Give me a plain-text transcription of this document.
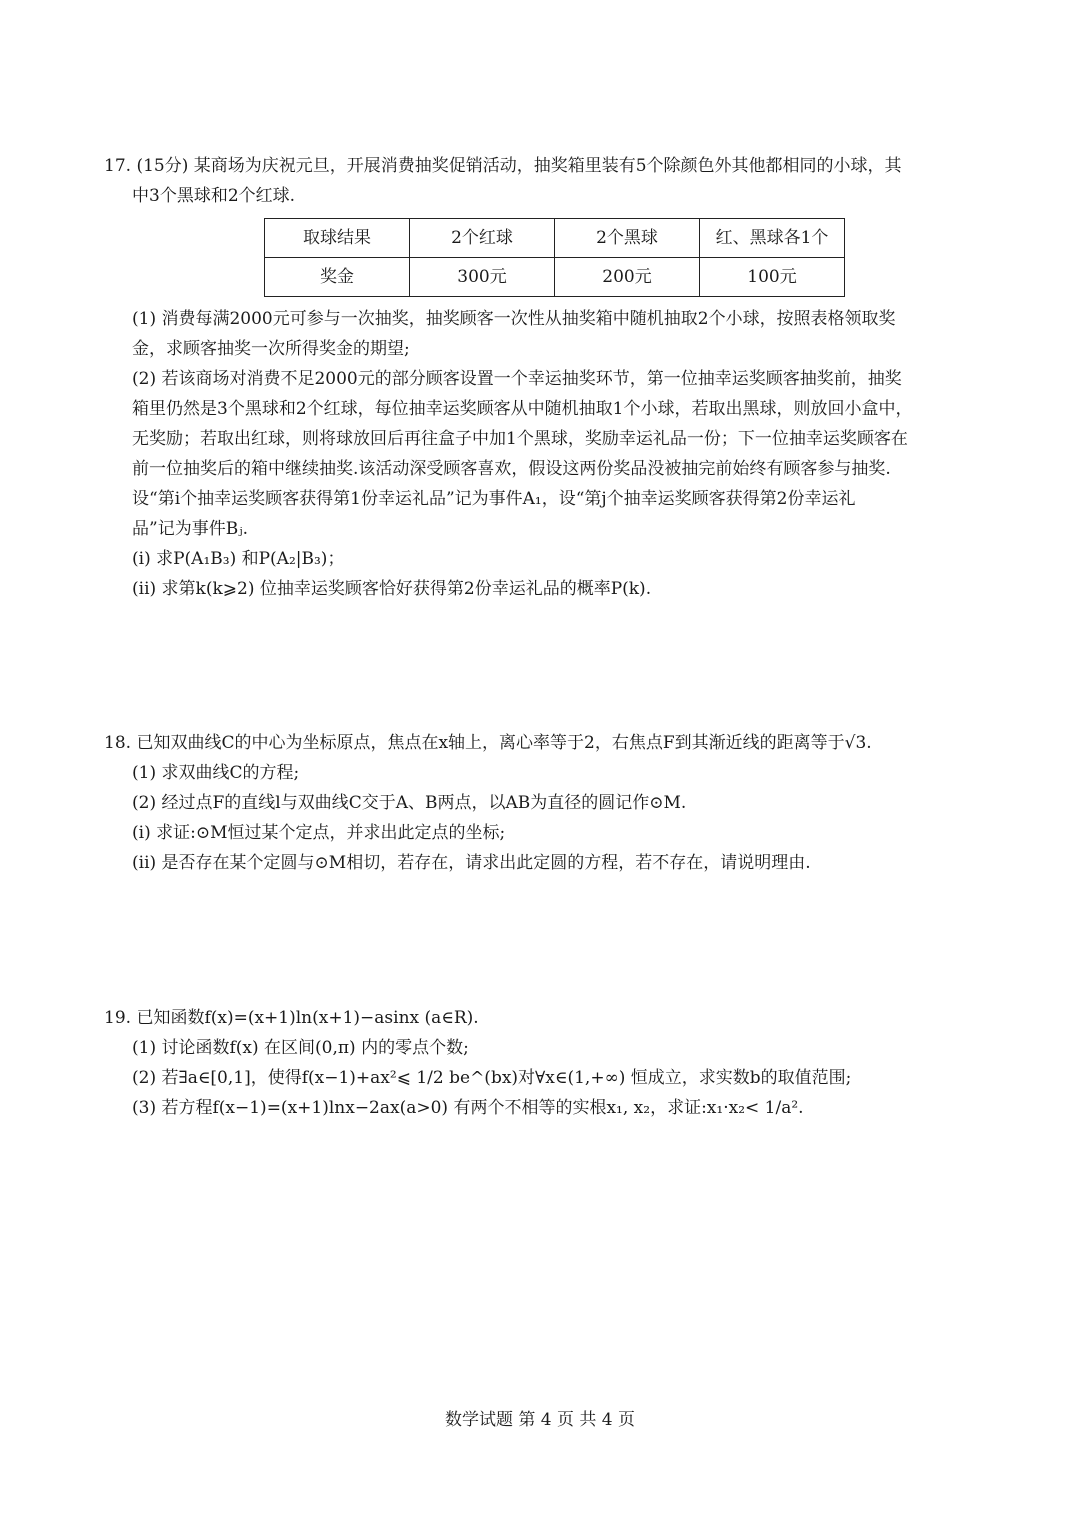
17. (15分) 某商场为庆祝元旦，开展消费抽奖促销活动，抽奖箱里装有5个除颜色外其他都相同的小球，其
中3个黑球和2个红球.
取球结果	2个红球	2个黑球	红、黑球各1个
奖金	300元	200元	100元
(1) 消费每满2000元可参与一次抽奖，抽奖顾客一次性从抽奖箱中随机抽取2个小球，按照表格领取奖
金，求顾客抽奖一次所得奖金的期望;
(2) 若该商场对消费不足2000元的部分顾客设置一个幸运抽奖环节，第一位抽幸运奖顾客抽奖前，抽奖
箱里仍然是3个黑球和2个红球，每位抽幸运奖顾客从中随机抽取1个小球，若取出黑球，则放回小盒中，
无奖励；若取出红球，则将球放回后再往盒子中加1个黑球，奖励幸运礼品一份；下一位抽幸运奖顾客在
前一位抽奖后的箱中继续抽奖.该活动深受顾客喜欢，假设这两份奖品没被抽完前始终有顾客参与抽奖.
设“第i个抽幸运奖顾客获得第1份幸运礼品”记为事件A₁，设“第j个抽幸运奖顾客获得第2份幸运礼
品”记为事件Bⱼ.
(i) 求P(A₁B₃) 和P(A₂|B₃)；
(ii) 求第k(k⩾2) 位抽幸运奖顾客恰好获得第2份幸运礼品的概率P(k).
18. 已知双曲线C的中心为坐标原点，焦点在x轴上，离心率等于2，右焦点F到其渐近线的距离等于√3.
(1) 求双曲线C的方程;
(2) 经过点F的直线l与双曲线C交于A、B两点，以AB为直径的圆记作⊙M.
(i) 求证:⊙M恒过某个定点，并求出此定点的坐标;
(ii) 是否存在某个定圆与⊙M相切，若存在，请求出此定圆的方程，若不存在，请说明理由.
19. 已知函数f(x)=(x+1)ln(x+1)−asinx (a∈R).
(1) 讨论函数f(x) 在区间(0,π) 内的零点个数;
(2) 若∃a∈[0,1]，使得f(x−1)+ax²⩽ 1/2 be^(bx)对∀x∈(1,+∞) 恒成立，求实数b的取值范围;
(3) 若方程f(x−1)=(x+1)lnx−2ax(a>0) 有两个不相等的实根x₁, x₂，求证:x₁·x₂< 1/a².
数学试题 第 4 页 共 4 页
